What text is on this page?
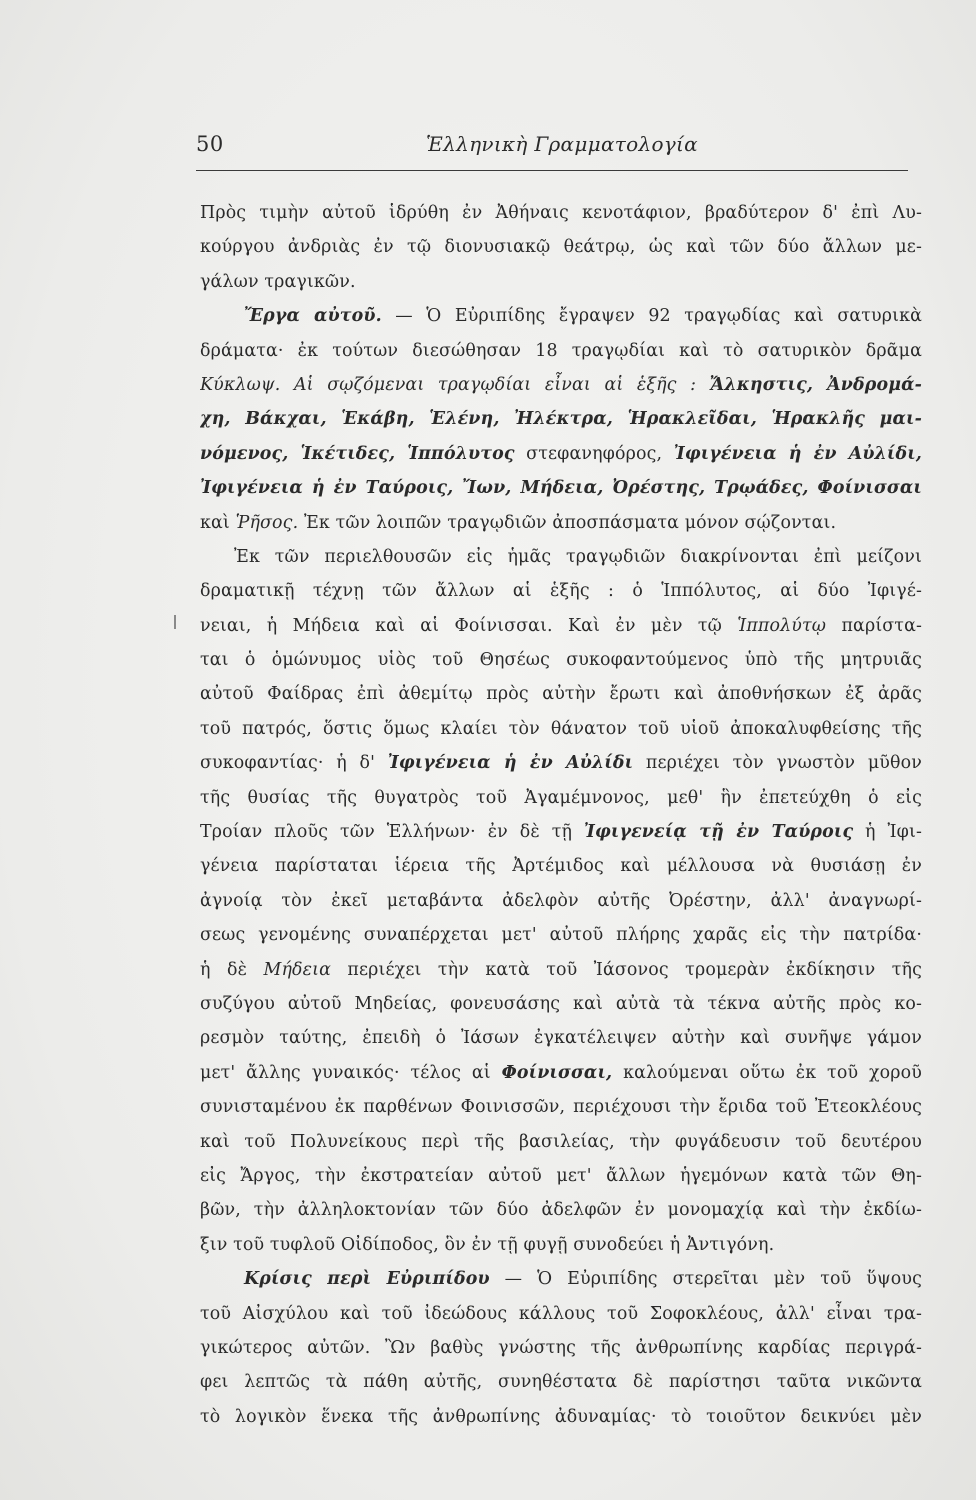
50	Ἑλληνικὴ Γραμματολογία
Πρὸς τιμὴν αὐτοῦ ἱδρύθη ἐν Ἀθήναις κενοτάφιον, βραδύτερον δ' ἐπὶ Λυ-
κούργου ἀνδριὰς ἐν τῷ διονυσιακῷ θεάτρῳ, ὡς καὶ τῶν δύο ἄλλων με-
γάλων τραγικῶν.
Ἔργα αὐτοῦ. — Ὁ Εὐριπίδης ἔγραψεν 92 τραγῳδίας καὶ σατυρικὰ
δράματα· ἐκ τούτων διεσώθησαν 18 τραγῳδίαι καὶ τὸ σατυρικὸν δρᾶμα
Κύκλωψ. Αἱ σῳζόμεναι τραγῳδίαι εἶναι αἱ ἑξῆς : Ἄλκηστις, Ἀνδρομά-
χη, Βάκχαι, Ἑκάβη, Ἑλένη, Ἠλέκτρα, Ἡρακλεῖδαι, Ἡρακλῆς μαι-
νόμενος, Ἱκέτιδες, Ἱππόλυτος στεφανηφόρος, Ἰφιγένεια ἡ ἐν Αὐλίδι,
Ἰφιγένεια ἡ ἐν Ταύροις, Ἴων, Μήδεια, Ὀρέστης, Τρῳάδες, Φοίνισσαι
καὶ Ῥῆσος. Ἐκ τῶν λοιπῶν τραγῳδιῶν ἀποσπάσματα μόνον σῴζονται.
Ἐκ τῶν περιελθουσῶν εἰς ἡμᾶς τραγῳδιῶν διακρίνονται ἐπὶ μείζονι
δραματικῇ τέχνῃ τῶν ἄλλων αἱ ἑξῆς : ὁ Ἱππόλυτος, αἱ δύο Ἰφιγέ-
νειαι, ἡ Μήδεια καὶ αἱ Φοίνισσαι. Καὶ ἐν μὲν τῷ Ἱππολύτῳ παρίστα-
ται ὁ ὁμώνυμος υἱὸς τοῦ Θησέως συκοφαντούμενος ὑπὸ τῆς μητρυιᾶς
αὐτοῦ Φαίδρας ἐπὶ ἀθεμίτῳ πρὸς αὐτὴν ἔρωτι καὶ ἀποθνήσκων ἐξ ἀρᾶς
τοῦ πατρός, ὅστις ὅμως κλαίει τὸν θάνατον τοῦ υἱοῦ ἀποκαλυφθείσης τῆς
συκοφαντίας· ἡ δ' Ἰφιγένεια ἡ ἐν Αὐλίδι περιέχει τὸν γνωστὸν μῦθον
τῆς θυσίας τῆς θυγατρὸς τοῦ Ἀγαμέμνονος, μεθ' ἣν ἐπετεύχθη ὁ εἰς
Τροίαν πλοῦς τῶν Ἑλλήνων· ἐν δὲ τῇ Ἰφιγενείᾳ τῇ ἐν Ταύροις ἡ Ἰφι-
γένεια παρίσταται ἱέρεια τῆς Ἀρτέμιδος καὶ μέλλουσα νὰ θυσιάσῃ ἐν
ἀγνοίᾳ τὸν ἐκεῖ μεταβάντα ἀδελφὸν αὐτῆς Ὀρέστην, ἀλλ' ἀναγνωρί-
σεως γενομένης συναπέρχεται μετ' αὐτοῦ πλήρης χαρᾶς εἰς τὴν πατρίδα·
ἡ δὲ Μήδεια περιέχει τὴν κατὰ τοῦ Ἰάσονος τρομερὰν ἐκδίκησιν τῆς
συζύγου αὐτοῦ Μηδείας, φονευσάσης καὶ αὐτὰ τὰ τέκνα αὐτῆς πρὸς κο-
ρεσμὸν ταύτης, ἐπειδὴ ὁ Ἰάσων ἐγκατέλειψεν αὐτὴν καὶ συνῆψε γάμον
μετ' ἄλλης γυναικός· τέλος αἱ Φοίνισσαι, καλούμεναι οὕτω ἐκ τοῦ χοροῦ
συνισταμένου ἐκ παρθένων Φοινισσῶν, περιέχουσι τὴν ἔριδα τοῦ Ἐτεοκλέους
καὶ τοῦ Πολυνείκους περὶ τῆς βασιλείας, τὴν φυγάδευσιν τοῦ δευτέρου
εἰς Ἄργος, τὴν ἐκστρατείαν αὐτοῦ μετ' ἄλλων ἡγεμόνων κατὰ τῶν Θη-
βῶν, τὴν ἀλληλοκτονίαν τῶν δύο ἀδελφῶν ἐν μονομαχίᾳ καὶ τὴν ἐκδίω-
ξιν τοῦ τυφλοῦ Οἰδίποδος, ὃν ἐν τῇ φυγῇ συνοδεύει ἡ Ἀντιγόνη.
Κρίσις περὶ Εὐριπίδου — Ὁ Εὐριπίδης στερεῖται μὲν τοῦ ὕψους
τοῦ Αἰσχύλου καὶ τοῦ ἰδεώδους κάλλους τοῦ Σοφοκλέους, ἀλλ' εἶναι τρα-
γικώτερος αὐτῶν. Ὢν βαθὺς γνώστης τῆς ἀνθρωπίνης καρδίας περιγρά-
φει λεπτῶς τὰ πάθη αὐτῆς, συνηθέστατα δὲ παρίστησι ταῦτα νικῶντα
τὸ λογικὸν ἕνεκα τῆς ἀνθρωπίνης ἀδυναμίας· τὸ τοιοῦτον δεικνύει μὲν
